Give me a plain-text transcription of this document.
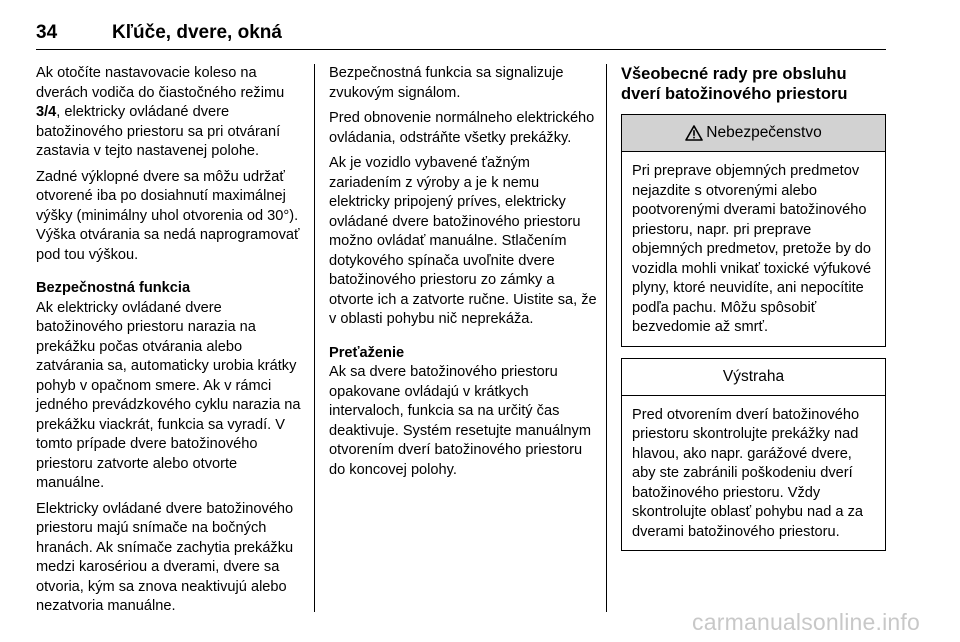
34	Kľúče, dvere, okná

Ak otočíte nastavovacie koleso na dverách vodiča do čiastočného režimu 3/4, elektricky ovládané dvere batožinového priestoru sa pri otváraní zastavia v tejto nastavenej polohe.

Zadné výklopné dvere sa môžu udržať otvorené iba po dosiahnutí maximálnej výšky (minimálny uhol otvorenia od 30°). Výška otvárania sa nedá naprogramovať pod tou výškou.

Bezpečnostná funkcia

Ak elektricky ovládané dvere batožinového priestoru narazia na prekážku počas otvárania alebo zatvárania sa, automaticky urobia krátky pohyb v opačnom smere. Ak v rámci jedného prevádzkového cyklu narazia na prekážku viackrát, funkcia sa vyradí. V tomto prípade dvere batožinového priestoru zatvorte alebo otvorte manuálne.

Elektricky ovládané dvere batožinového priestoru majú snímače na bočných hranách. Ak snímače zachytia prekážku medzi karosériou a dverami, dvere sa otvoria, kým sa znova neaktivujú alebo nezatvoria manuálne.

Bezpečnostná funkcia sa signalizuje zvukovým signálom.

Pred obnovenie normálneho elektrického ovládania, odstráňte všetky prekážky.

Ak je vozidlo vybavené ťažným zariadením z výroby a je k nemu elektricky pripojený príves, elektricky ovládané dvere batožinového priestoru možno ovládať manuálne. Stlačením dotykového spínača uvoľnite dvere batožinového priestoru zo zámky a otvorte ich a zatvorte ručne. Uistite sa, že v oblasti pohybu nič neprekáža.

Preťaženie

Ak sa dvere batožinového priestoru opakovane ovládajú v krátkych intervaloch, funkcia sa na určitý čas deaktivuje. Systém resetujte manuálnym otvorením dverí batožinového priestoru do koncovej polohy.

Všeobecné rady pre obsluhu dverí batožinového priestoru
Nebezpečenstvo
Pri preprave objemných predmetov nejazdite s otvorenými alebo pootvorenými dverami batožinového priestoru, napr. pri preprave objemných predmetov, pretože by do vozidla mohli vnikať toxické výfukové plyny, ktoré neuvidíte, ani nepocítite podľa pachu. Môžu spôsobiť bezvedomie až smrť.
Výstraha
Pred otvorením dverí batožinového priestoru skontrolujte prekážky nad hlavou, ako napr. garážové dvere, aby ste zabránili poškodeniu dverí batožinového priestoru. Vždy skontrolujte oblasť pohybu nad a za dverami batožinového priestoru.
carmanualsonline.info
